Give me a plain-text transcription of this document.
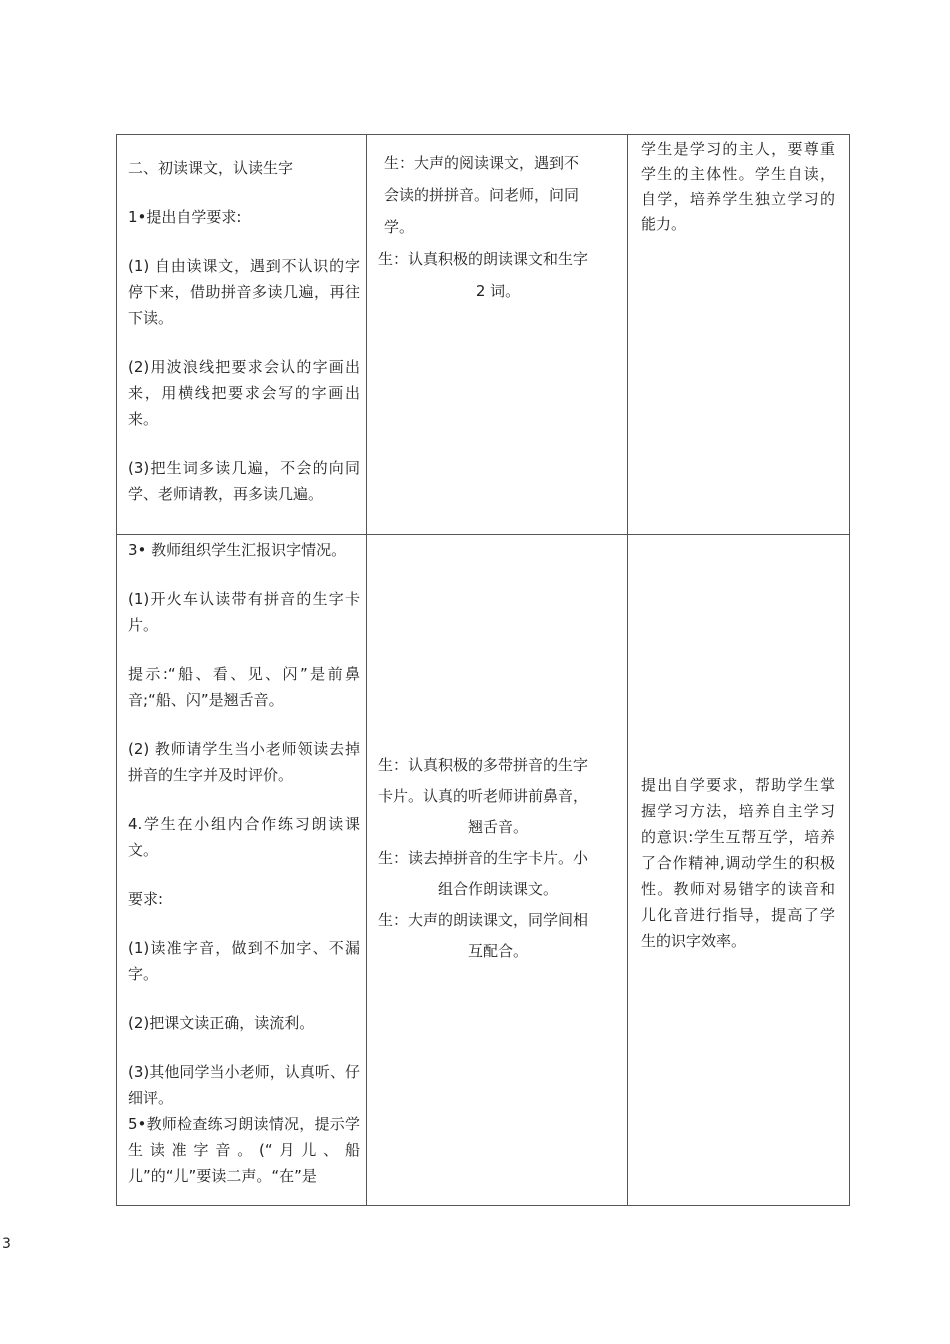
二、初读课文，认读生字

1•提出自学要求:

(1) 自由读课文，遇到不认识的字停下来，借助拼音多读几遍，再往下读。

(2)用波浪线把要求会认的字画出来，用横线把要求会写的字画出来。

(3)把生词多读几遍，不会的向同学、老师请教，再多读几遍。

生：大声的阅读课文，遇到不

会读的拼拼音。问老师，问同

学。

生：认真积极的朗读课文和生字

2 词。

学生是学习的主人，要尊重学生的主体性。学生自读，自学，培养学生独立学习的能力。

3• 教师组织学生汇报识字情况。

(1)开火车认读带有拼音的生字卡片。

提示:“船、看、见、闪”是前鼻音;“船、闪”是翘舌音。

(2) 教师请学生当小老师领读去掉拼音的生字并及时评价。

4.学生在小组内合作练习朗读课文。

要求:

(1)读准字音，做到不加字、不漏字。

(2)把课文读正确，读流利。

(3)其他同学当小老师，认真听、仔细评。

5•教师检查练习朗读情况，提示学生读准字音。(“月儿、船儿”的“儿”要读二声。“在”是

生：认真积极的多带拼音的生字

卡片。认真的听老师讲前鼻音，

翘舌音。

生：读去掉拼音的生字卡片。小

组合作朗读课文。

生：大声的朗读课文，同学间相

互配合。

提出自学要求，帮助学生掌握学习方法，培养自主学习的意识:学生互帮互学，培养了合作精神,调动学生的积极性。教师对易错字的读音和儿化音进行指导，提高了学生的识字效率。

3
